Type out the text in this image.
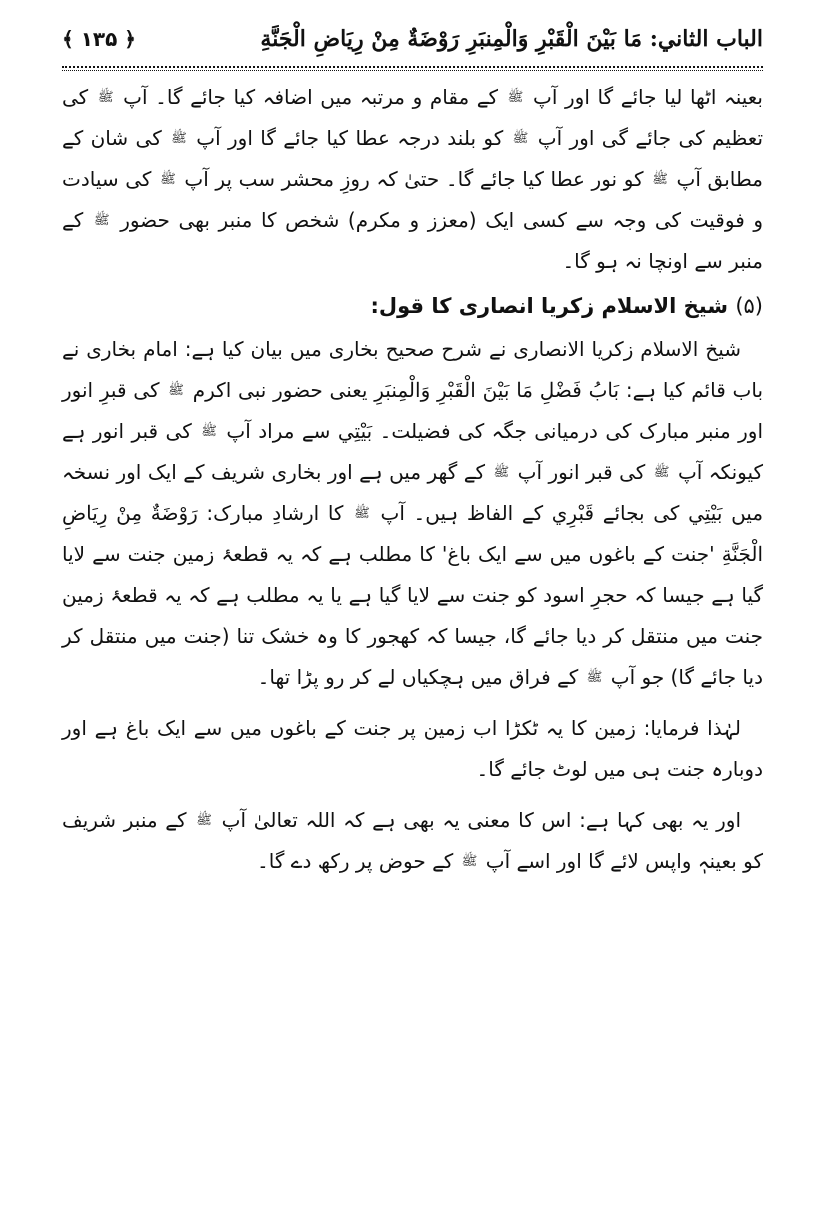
الباب الثاني: مَا بَيْنَ الْقَبْرِ وَالْمِنبَرِ رَوْضَةٌ مِنْ رِيَاضِ الْجَنَّةِ
﴿ ۱۳۵ ﴾

بعینہ اٹھا لیا جائے گا اور آپ ﷺ کے مقام و مرتبہ میں اضافہ کیا جائے گا۔ آپ ﷺ کی تعظیم کی جائے گی اور آپ ﷺ کو بلند درجہ عطا کیا جائے گا اور آپ ﷺ کی شان کے مطابق آپ ﷺ کو نور عطا کیا جائے گا۔ حتیٰ کہ روزِ محشر سب پر آپ ﷺ کی سیادت و فوقیت کی وجہ سے کسی ایک (معزز و مکرم) شخص کا منبر بھی حضور ﷺ کے منبر سے اونچا نہ ہو گا۔

(۵) شیخ الاسلام زکریا انصاری کا قول:

شیخ الاسلام زکریا الانصاری نے شرح صحیح بخاری میں بیان کیا ہے: امام بخاری نے باب قائم کیا ہے: بَابُ فَضْلِ مَا بَيْنَ الْقَبْرِ وَالْمِنبَرِ یعنی حضور نبی اکرم ﷺ کی قبرِ انور اور منبر مبارک کی درمیانی جگہ کی فضیلت۔ بَيْتِي سے مراد آپ ﷺ کی قبر انور ہے کیونکہ آپ ﷺ کی قبر انور آپ ﷺ کے گھر میں ہے اور بخاری شریف کے ایک اور نسخہ میں بَيْتِي کی بجائے قَبْرِي کے الفاظ ہیں۔ آپ ﷺ کا ارشادِ مبارک: رَوْضَةٌ مِنْ رِيَاضِ الْجَنَّةِ 'جنت کے باغوں میں سے ایک باغ' کا مطلب ہے کہ یہ قطعۂ زمین جنت سے لایا گیا ہے جیسا کہ حجرِ اسود کو جنت سے لایا گیا ہے یا یہ مطلب ہے کہ یہ قطعۂ زمین جنت میں منتقل کر دیا جائے گا، جیسا کہ کھجور کا وہ خشک تنا (جنت میں منتقل کر دیا جائے گا) جو آپ ﷺ کے فراق میں ہچکیاں لے کر رو پڑا تھا۔

لہٰذا فرمایا: زمین کا یہ ٹکڑا اب زمین پر جنت کے باغوں میں سے ایک باغ ہے اور دوبارہ جنت ہی میں لوٹ جائے گا۔

اور یہ بھی کہا ہے: اس کا معنی یہ بھی ہے کہ اللہ تعالیٰ آپ ﷺ کے منبر شریف کو بعینہٖ واپس لائے گا اور اسے آپ ﷺ کے حوض پر رکھ دے گا۔
